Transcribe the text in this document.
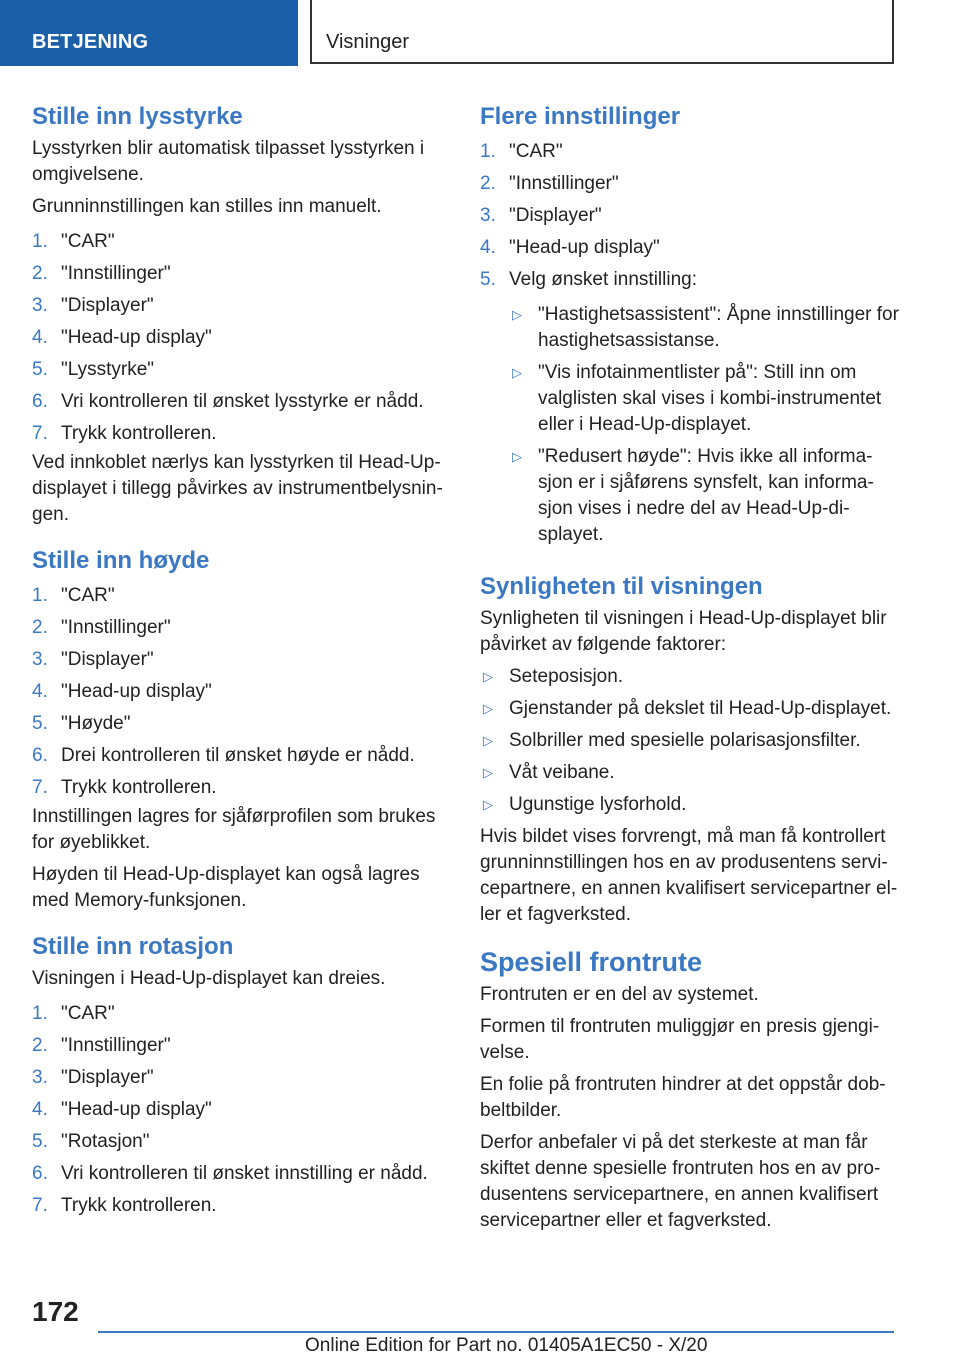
BETJENING	Visninger
Stille inn lysstyrke

Lysstyrken blir automatisk tilpasset lysstyrken i omgivelsene.

Grunninnstillingen kan stilles inn manuelt.

1. "CAR"
2. "Innstillinger"
3. "Displayer"
4. "Head-up display"
5. "Lysstyrke"
6. Vri kontrolleren til ønsket lysstyrke er nådd.
7. Trykk kontrolleren.

Ved innkoblet nærlys kan lysstyrken til Head-Up-displayet i tillegg påvirkes av instrumentbelysnin-gen.

Stille inn høyde
1. "CAR"
2. "Innstillinger"
3. "Displayer"
4. "Head-up display"
5. "Høyde"
6. Drei kontrolleren til ønsket høyde er nådd.
7. Trykk kontrolleren.

Innstillingen lagres for sjåførprofilen som brukes for øyeblikket.

Høyden til Head-Up-displayet kan også lagres med Memory-funksjonen.

Stille inn rotasjon

Visningen i Head-Up-displayet kan dreies.

1. "CAR"
2. "Innstillinger"
3. "Displayer"
4. "Head-up display"
5. "Rotasjon"
6. Vri kontrolleren til ønsket innstilling er nådd.
7. Trykk kontrolleren.
Flere innstillinger
1. "CAR"
2. "Innstillinger"
3. "Displayer"
4. "Head-up display"
5. Velg ønsket innstilling:
▷ "Hastighetsassistent": Åpne innstillinger for hastighetsassistanse.
▷ "Vis infotainmentlister på": Still inn om valglisten skal vises i kombi-instrumentet eller i Head-Up-displayet.
▷ "Redusert høyde": Hvis ikke all informa-sjon er i sjåførens synsfelt, kan informa-sjon vises i nedre del av Head-Up-di-splayet.
Synligheten til visningen

Synligheten til visningen i Head-Up-displayet blir påvirket av følgende faktorer:

▷ Seteposisjon.
▷ Gjenstander på dekslet til Head-Up-displayet.
▷ Solbriller med spesielle polarisasjonsfilter.
▷ Våt veibane.
▷ Ugunstige lysforhold.

Hvis bildet vises forvrengt, må man få kontrollert grunninnstillingen hos en av produsentens servi-cepartnere, en annen kvalifisert servicepartner el-ler et fagverksted.

Spesiell frontrute

Frontruten er en del av systemet.

Formen til frontruten muliggjør en presis gjengi-velse.

En folie på frontruten hindrer at det oppstår dob-beltbilder.

Derfor anbefaler vi på det sterkeste at man får skiftet denne spesielle frontruten hos en av pro-dusentens servicepartnere, en annen kvalifisert servicepartner eller et fagverksted.

172
Online Edition for Part no. 01405A1EC50 - X/20
